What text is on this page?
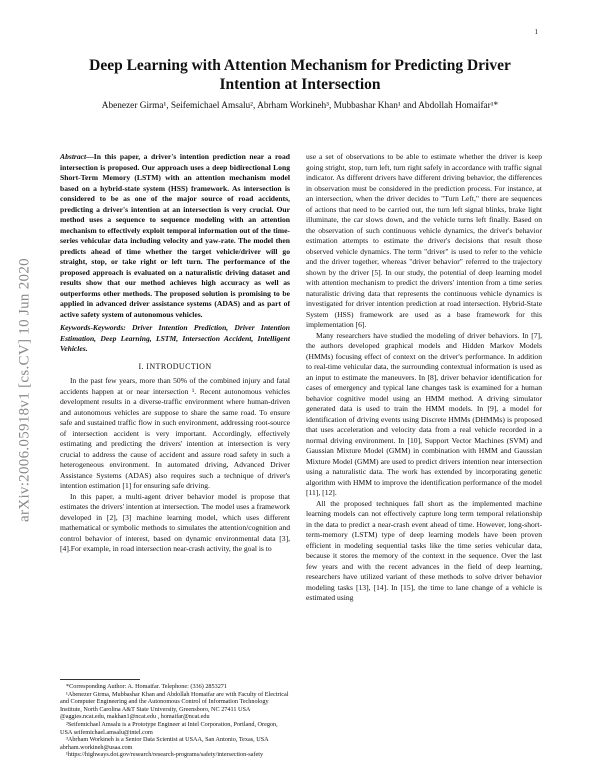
1
arXiv:2006.05918v1 [cs.CV] 10 Jun 2020
Deep Learning with Attention Mechanism for Predicting Driver Intention at Intersection
Abenezer Girma¹, Seifemichael Amsalu², Abrham Workineh³, Mubbashar Khan¹ and Abdollah Homaifar¹*

Abstract—In this paper, a driver's intention prediction near a road intersection is proposed. Our approach uses a deep bidirectional Long Short-Term Memory (LSTM) with an attention mechanism model based on a hybrid-state system (HSS) framework. As intersection is considered to be as one of the major source of road accidents, predicting a driver's intention at an intersection is very crucial. Our method uses a sequence to sequence modeling with an attention mechanism to effectively exploit temporal information out of the time-series vehicular data including velocity and yaw-rate. The model then predicts ahead of time whether the target vehicle/driver will go straight, stop, or take right or left turn. The performance of the proposed approach is evaluated on a naturalistic driving dataset and results show that our method achieves high accuracy as well as outperforms other methods. The proposed solution is promising to be applied in advanced driver assistance systems (ADAS) and as part of active safety system of autonomous vehicles.

Keywords-Keywords: Driver Intention Prediction, Driver Intention Estimation, Deep Learning, LSTM, Intersection Accident, Intelligent Vehicles.

I. INTRODUCTION

In the past few years, more than 50% of the combined injury and fatal accidents happen at or near intersection ¹. Recent autonomous vehicles development results in a diverse-traffic environment where human-driven and autonomous vehicles are suppose to share the same road. To ensure safe and sustained traffic flow in such environment, addressing root-source of intersection accident is very important. Accordingly, effectively estimating and predicting the drivers' intention at intersection is very crucial to address the cause of accident and assure road safety in such a heterogeneous environment. In automated driving, Advanced Driver Assistance Systems (ADAS) also requires such a technique of driver's intention estimation [1] for ensuring safe driving.

In this paper, a multi-agent driver behavior model is propose that estimates the drivers' intention at intersection. The model uses a framework developed in [2], [3] machine learning model, which uses different mathematical or symbolic methods to simulates the attention/cognition and control behavior of interest, based on dynamic environmental data [3], [4].For example, in road intersection near-crash activity, the goal is to

*Corresponding Author: A. Homaifar. Telephone: (336) 2853271

¹Abenezer Girma, Mubbashar Khan and Abdollah Homaifar are with Faculty of Electrical and Computer Engineering and the Autonomous Control of Information Technology Institute, North Carolina A&T State University, Greensboro, NC 27411 USA @aggies.ncat.edu, makhan1@ncat.edu , homaifar@ncat.edu

²Seifemichael Amsalu is a Prototype Engineer at Intel Corporation, Portland, Oregon, USA seifemichael.amsalu@intel.com

³Abrham Workineh is a Senior Data Scientist at USAA, San Antonio, Texas, USA abrham.workineh@usaa.com

¹https://highways.dot.gov/research/research-programs/safety/intersection-safety

use a set of observations to be able to estimate whether the driver is keep going stright, stop, turn left, turn right safely in accordance with traffic signal indicator. As different drivers have different driving behavior, the differences in observation must be considered in the prediction process. For instance, at an intersection, when the driver decides to "Turn Left," there are sequences of actions that need to be carried out, the turn left signal blinks, brake light illuminate, the car slows down, and the vehicle turns left finally. Based on the observation of such continuous vehicle dynamics, the driver's behavior estimation attempts to estimate the driver's decisions that result those observed vehicle dynamics. The term "driver" is used to refer to the vehicle and the driver together, whereas "driver behavior" referred to the trajectory shown by the driver [5]. In our study, the potential of deep learning model with attention mechanism to predict the drivers' intention from a time series naturalistic driving data that represents the continuous vehicle dynamics is investigated for driver intention prediction at road intersection. Hybrid-State System (HSS) framework are used as a base framework for this implementation [6].

Many researchers have studied the modeling of driver behaviors. In [7], the authors developed graphical models and Hidden Markov Models (HMMs) focusing effect of context on the driver's performance. In addition to real-time vehicular data, the surrounding contextual information is used as an input to estimate the maneuvers. In [8], driver behavior identification for cases of emergency and typical lane changes task is examined for a human behavior cognitive model using an HMM method. A driving simulator generated data is used to train the HMM models. In [9], a model for identification of driving events using Discrete HMMs (DHMMs) is proposed that uses acceleration and velocity data from a real vehicle recorded in a normal driving environment. In [10], Support Vector Machines (SVM) and Gaussian Mixture Model (GMM) in combination with HMM and Gaussian Mixture Model (GMM) are used to predict drivers intention near intersection using a naturalistic data. The work has extended by incorporating genetic algorithm with HMM to improve the identification performance of the model [11], [12].

All the proposed techniques fall short as the implemented machine learning models can not effectively capture long term temporal relationship in the data to predict a near-crash event ahead of time. However, long-short-term-memory (LSTM) type of deep learning models have been proven efficient in modeling sequential tasks like the time series vehicular data, because it stores the memory of the context in the sequence. Over the last few years and with the recent advances in the field of deep learning, researchers have utilized variant of these methods to solve driver behavior modeling tasks [13], [14]. In [15], the time to lane change of a vehicle is estimated using
